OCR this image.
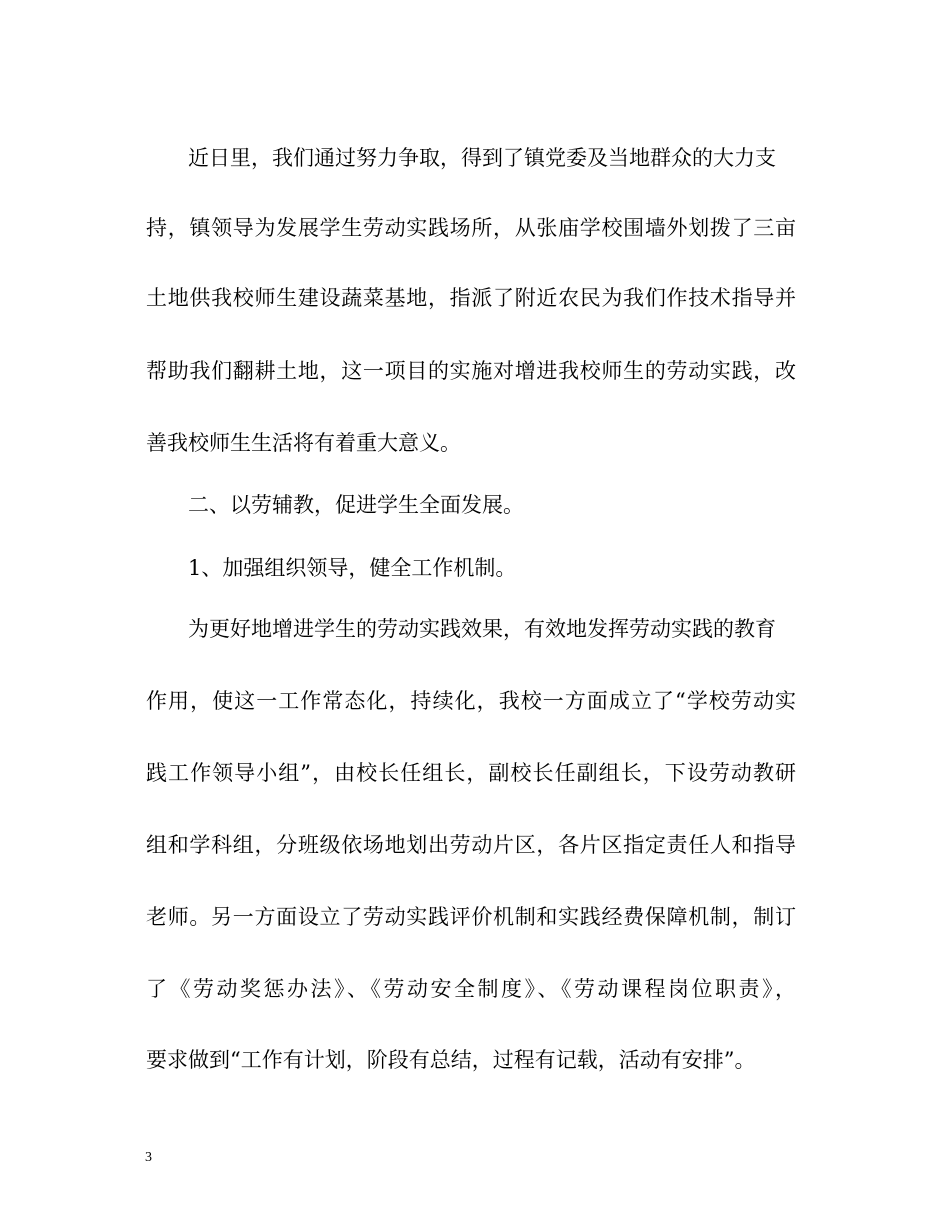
近日里，我们通过努力争取，得到了镇党委及当地群众的大力支
持，镇领导为发展学生劳动实践场所，从张庙学校围墙外划拨了三亩
土地供我校师生建设蔬菜基地，指派了附近农民为我们作技术指导并
帮助我们翻耕土地，这一项目的实施对增进我校师生的劳动实践，改
善我校师生生活将有着重大意义。
二、以劳辅教，促进学生全面发展。
1、加强组织领导，健全工作机制。
为更好地增进学生的劳动实践效果，有效地发挥劳动实践的教育
作用，使这一工作常态化，持续化，我校一方面成立了“学校劳动实
践工作领导小组”，由校长任组长，副校长任副组长，下设劳动教研
组和学科组，分班级依场地划出劳动片区，各片区指定责任人和指导
老师。另一方面设立了劳动实践评价机制和实践经费保障机制，制订
了《劳动奖惩办法》、《劳动安全制度》、《劳动课程岗位职责》，
要求做到“工作有计划，阶段有总结，过程有记载，活动有安排”。
3
